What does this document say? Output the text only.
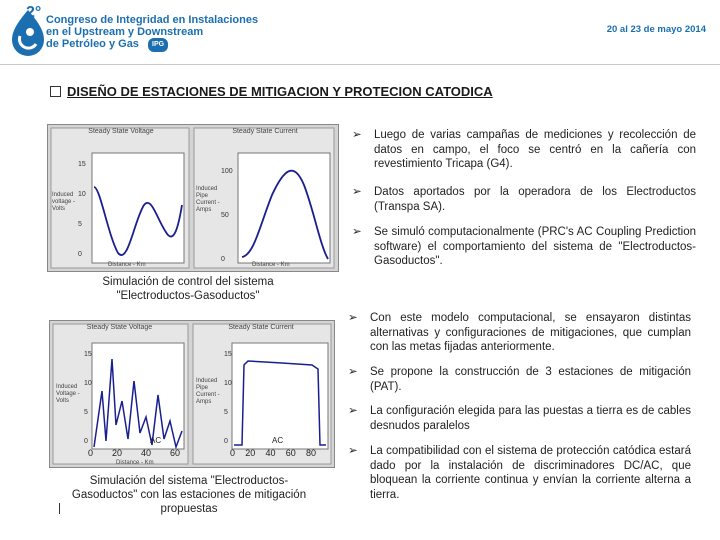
2° Congreso de Integridad en Instalaciones
en el Upstream y Downstream
de Petróleo y Gas IPG
20 al 23 de mayo 2014
DISEÑO DE ESTACIONES DE MITIGACION Y PROTECION CATODICA
Steady State Voltage	Steady State Current
15
10
5
0
Induced voltage - Volts
100
50
0
Induced Pipe Current - Amps
Distance - Km	Distance - Km
Simulación de control del sistema "Electroductos-Gasoductos"
Steady State Voltage	Steady State Current
15
10
5
0
Induced Voltage - Volts
15
10
5
0
Induced Pipe Current - Amps
0 20 40 60
AC
0 20 40 60 80
AC
Distance - Km
Simulación del sistema "Electroductos-Gasoductos" con las estaciones de mitigación propuestas
➢ Luego de varias campañas de mediciones y recolección de datos en campo, el foco se centró en la cañería con revestimiento Tricapa (G4).
➢ Datos aportados por la operadora de los Electroductos (Transpa SA).
➢ Se simuló computacionalmente (PRC's AC Coupling Prediction software) el comportamiento del sistema de "Electroductos-Gasoductos".
➢ Con este modelo computacional, se ensayaron distintas alternativas y configuraciones de mitigaciones, que cumplan con las metas fijadas anteriormente.
➢ Se propone la construcción de 3 estaciones de mitigación (PAT).
➢ La configuración elegida para las puestas a tierra es de cables desnudos paralelos
➢ La compatibilidad con el sistema de protección catódica estará dado por la instalación de discriminadores DC/AC, que bloquean la corriente continua y envían la corriente alterna a tierra.
